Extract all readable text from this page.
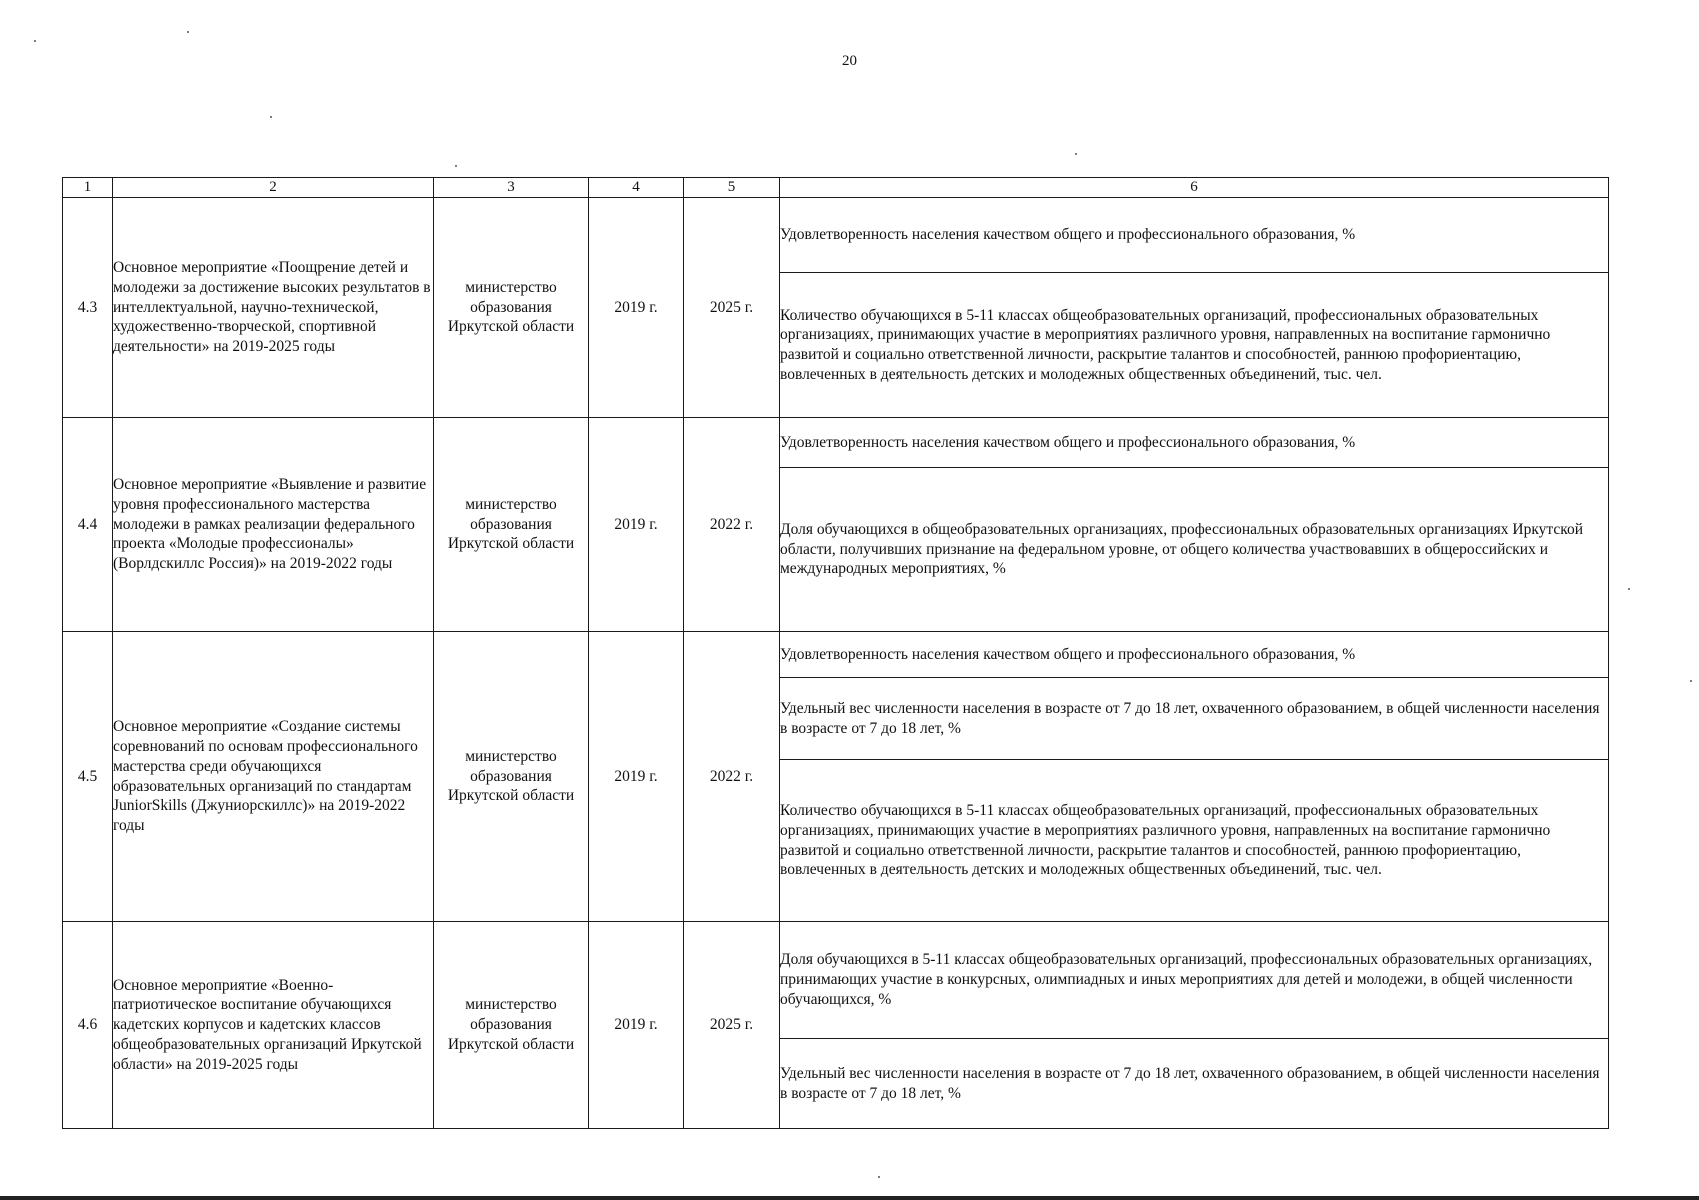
20
1	2	3	4	5	6
4.3	Основное мероприятие «Поощрение детей и молодежи за достижение высоких результатов в интеллектуальной, научно-технической, художественно-творческой, спортивной деятельности» на 2019-2025 годы	министерство образования Иркутской области	2019 г.	2025 г.	Удовлетворенность населения качеством общего и профессионального образования, %
					Количество обучающихся в 5-11 классах общеобразовательных организаций, профессиональных образовательных организациях, принимающих участие в мероприятиях различного уровня, направленных на воспитание гармонично развитой и социально ответственной личности, раскрытие талантов и способностей, раннюю профориентацию, вовлеченных в деятельность детских и молодежных общественных объединений, тыс. чел.
4.4	Основное мероприятие «Выявление и развитие уровня профессионального мастерства молодежи в рамках реализации федерального проекта «Молодые профессионалы» (Ворлдскиллс Россия)» на 2019-2022 годы	министерство образования Иркутской области	2019 г.	2022 г.	Удовлетворенность населения качеством общего и профессионального образования, %
					Доля обучающихся в общеобразовательных организациях, профессиональных образовательных организациях Иркутской области, получивших признание на федеральном уровне, от общего количества участвовавших в общероссийских и международных мероприятиях, %
4.5	Основное мероприятие «Создание системы соревнований по основам профессионального мастерства среди обучающихся образовательных организаций по стандартам JuniorSkills (Джуниорскиллс)» на 2019-2022 годы	министерство образования Иркутской области	2019 г.	2022 г.	Удовлетворенность населения качеством общего и профессионального образования, %
					Удельный вес численности населения в возрасте от 7 до 18 лет, охваченного образованием, в общей численности населения в возрасте от 7 до 18 лет, %
					Количество обучающихся в 5-11 классах общеобразовательных организаций, профессиональных образовательных организациях, принимающих участие в мероприятиях различного уровня, направленных на воспитание гармонично развитой и социально ответственной личности, раскрытие талантов и способностей, раннюю профориентацию, вовлеченных в деятельность детских и молодежных общественных объединений, тыс. чел.
4.6	Основное мероприятие «Военно-патриотическое воспитание обучающихся кадетских корпусов и кадетских классов общеобразовательных организаций Иркутской области» на 2019-2025 годы	министерство образования Иркутской области	2019 г.	2025 г.	Доля обучающихся в 5-11 классах общеобразовательных организаций, профессиональных образовательных организациях, принимающих участие в конкурсных, олимпиадных и иных мероприятиях для детей и молодежи, в общей численности обучающихся, %
					Удельный вес численности населения в возрасте от 7 до 18 лет, охваченного образованием, в общей численности населения в возрасте от 7 до 18 лет, %
